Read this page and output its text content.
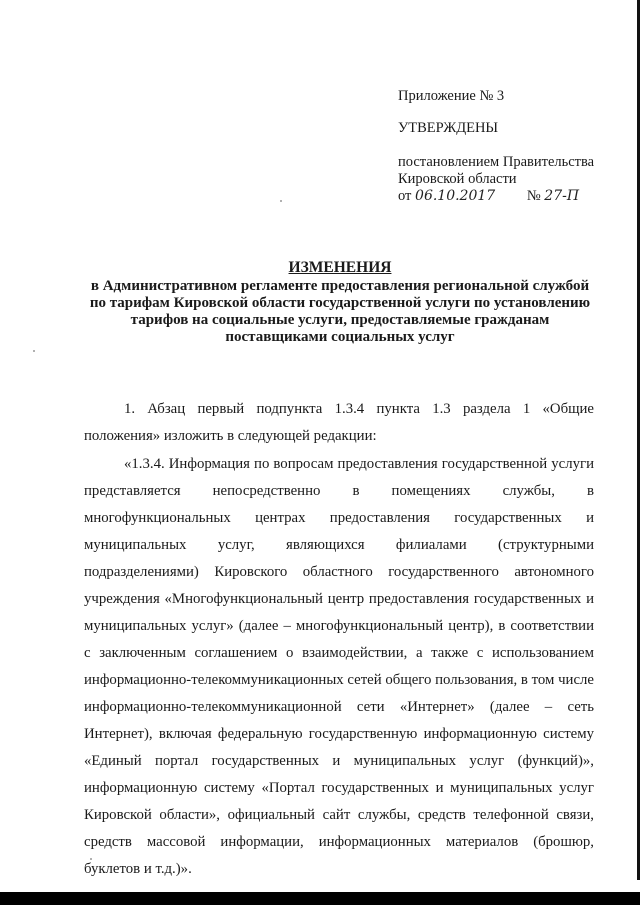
Приложение № 3
УТВЕРЖДЕНЫ
постановлением Правительства
Кировской области
от 06.10.2017 № 27-П
ИЗМЕНЕНИЯ
в Административном регламенте предоставления региональной службой
по тарифам Кировской области государственной услуги по установлению
тарифов на социальные услуги, предоставляемые гражданам
поставщиками социальных услуг

1. Абзац первый подпункта 1.3.4 пункта 1.3 раздела 1 «Общие положения» изложить в следующей редакции:

«1.3.4. Информация по вопросам предоставления государственной услуги представляется непосредственно в помещениях службы, в многофункциональных центрах предоставления государственных и муниципальных услуг, являющихся филиалами (структурными подразделениями) Кировского областного государственного автономного учреждения «Многофункциональный центр предоставления государственных и муниципальных услуг» (далее – многофункциональный центр), в соответствии с заключенным соглашением о взаимодействии, а также с использованием информационно-телекоммуникационных сетей общего пользования, в том числе информационно-телекоммуникационной сети «Интернет» (далее – сеть Интернет), включая федеральную государственную информационную систему «Единый портал государственных и муниципальных услуг (функций)», информационную систему «Портал государственных и муниципальных услуг Кировской области», официальный сайт службы, средств телефонной связи, средств массовой информации, информационных материалов (брошюр, буклетов и т.д.)».
